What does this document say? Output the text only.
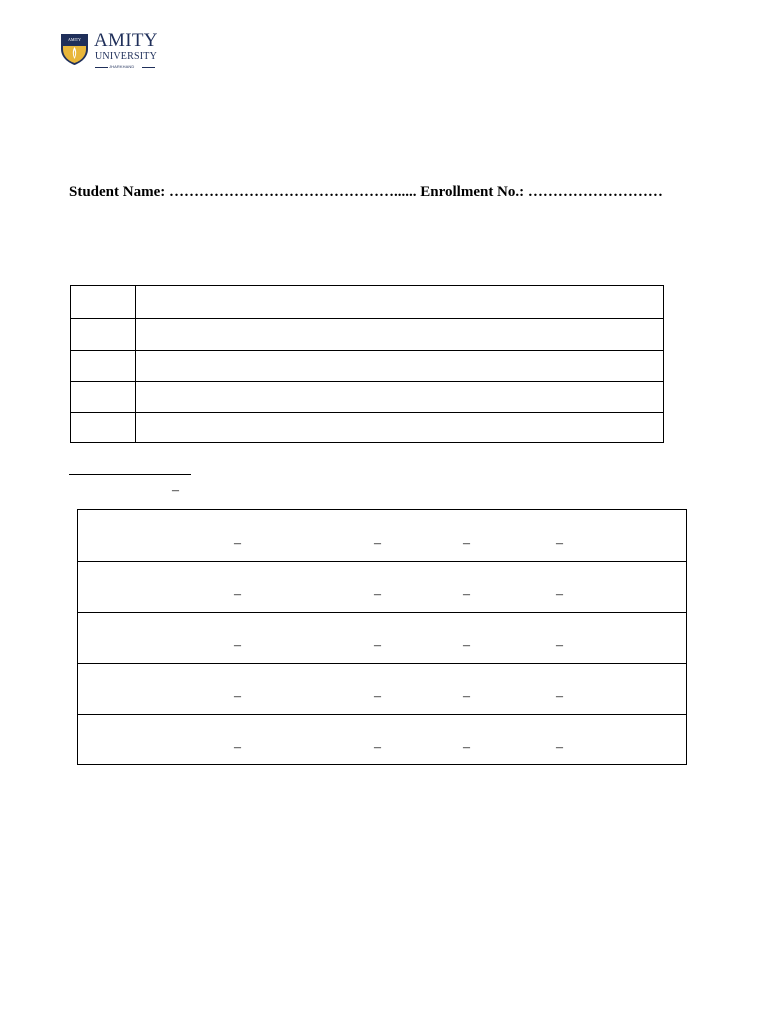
AMITY AMITY
UNIVERSITY
JHARKHAND
Student Name: ………………………………………...... Enrollment No.: ………………………
–
–	–	–	–
–	–	–	–
–	–	–	–
–	–	–	–
–	–	–	–
